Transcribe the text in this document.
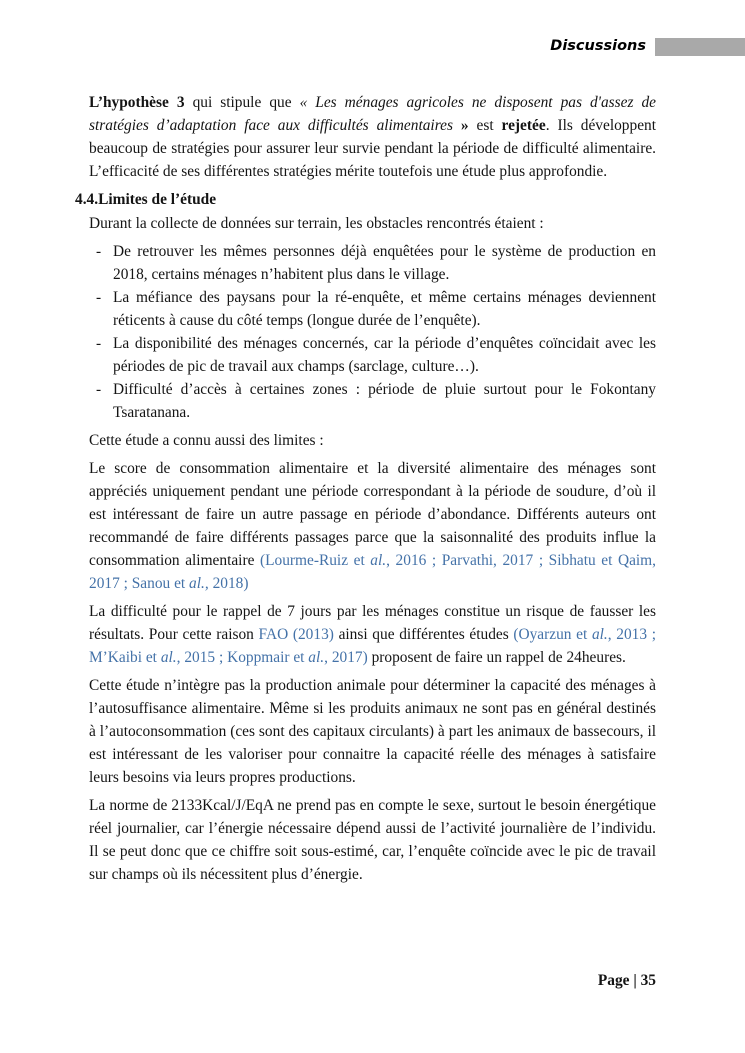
Discussions

L’hypothèse 3 qui stipule que « Les ménages agricoles ne disposent pas d'assez de stratégies d’adaptation face aux difficultés alimentaires » est rejetée. Ils développent beaucoup de stratégies pour assurer leur survie pendant la période de difficulté alimentaire. L’efficacité de ses différentes stratégies mérite toutefois une étude plus approfondie.

4.4.Limites de l’étude

Durant la collecte de données sur terrain, les obstacles rencontrés étaient :

- De retrouver les mêmes personnes déjà enquêtées pour le système de production en 2018, certains ménages n’habitent plus dans le village.
- La méfiance des paysans pour la ré-enquête, et même certains ménages deviennent réticents à cause du côté temps (longue durée de l’enquête).
- La disponibilité des ménages concernés, car la période d’enquêtes coïncidait avec les périodes de pic de travail aux champs (sarclage, culture…).
- Difficulté d’accès à certaines zones : période de pluie surtout pour le Fokontany Tsaratanana.

Cette étude a connu aussi des limites :

Le score de consommation alimentaire et la diversité alimentaire des ménages sont appréciés uniquement pendant une période correspondant à la période de soudure, d’où il est intéressant de faire un autre passage en période d’abondance. Différents auteurs ont recommandé de faire différents passages parce que la saisonnalité des produits influe la consommation alimentaire (Lourme-Ruiz et al., 2016 ; Parvathi, 2017 ; Sibhatu et Qaim, 2017 ; Sanou et al., 2018)

La difficulté pour le rappel de 7 jours par les ménages constitue un risque de fausser les résultats. Pour cette raison FAO (2013) ainsi que différentes études (Oyarzun et al., 2013 ; M’Kaibi et al., 2015 ; Koppmair et al., 2017) proposent de faire un rappel de 24heures.

Cette étude n’intègre pas la production animale pour déterminer la capacité des ménages à l’autosuffisance alimentaire. Même si les produits animaux ne sont pas en général destinés à l’autoconsommation (ces sont des capitaux circulants) à part les animaux de bassecours, il est intéressant de les valoriser pour connaitre la capacité réelle des ménages à satisfaire leurs besoins via leurs propres productions.

La norme de 2133Kcal/J/EqA ne prend pas en compte le sexe, surtout le besoin énergétique réel journalier, car l’énergie nécessaire dépend aussi de l’activité journalière de l’individu. Il se peut donc que ce chiffre soit sous-estimé, car, l’enquête coïncide avec le pic de travail sur champs où ils nécessitent plus d’énergie.

Page | 35
